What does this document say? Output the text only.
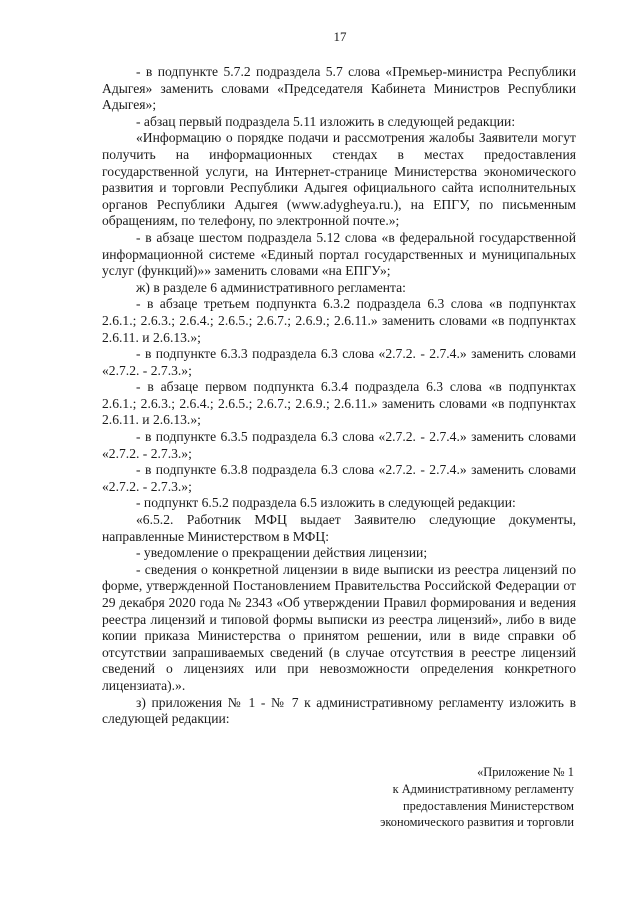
17

- в подпункте 5.7.2 подраздела 5.7 слова «Премьер-министра Республики Адыгея» заменить словами «Председателя Кабинета Министров Республики Адыгея»;

- абзац первый подраздела 5.11 изложить в следующей редакции:

«Информацию о порядке подачи и рассмотрения жалобы Заявители могут получить на информационных стендах в местах предоставления государственной услуги, на Интернет-странице Министерства экономического развития и торговли Республики Адыгея официального сайта исполнительных органов Республики Адыгея (www.adygheya.ru.), на ЕПГУ, по письменным обращениям, по телефону, по электронной почте.»;

- в абзаце шестом подраздела 5.12 слова «в федеральной государственной информационной системе «Единый портал государственных и муниципальных услуг (функций)»» заменить словами «на ЕПГУ»;

ж) в разделе 6 административного регламента:

- в абзаце третьем подпункта 6.3.2 подраздела 6.3 слова «в подпунктах 2.6.1.; 2.6.3.; 2.6.4.; 2.6.5.; 2.6.7.; 2.6.9.; 2.6.11.» заменить словами «в подпунктах 2.6.11. и 2.6.13.»;

- в подпункте 6.3.3 подраздела 6.3 слова «2.7.2. - 2.7.4.» заменить словами «2.7.2. - 2.7.3.»;

- в абзаце первом подпункта 6.3.4 подраздела 6.3 слова «в подпунктах 2.6.1.; 2.6.3.; 2.6.4.; 2.6.5.; 2.6.7.; 2.6.9.; 2.6.11.» заменить словами «в подпунктах 2.6.11. и 2.6.13.»;

- в подпункте 6.3.5 подраздела 6.3 слова «2.7.2. - 2.7.4.» заменить словами «2.7.2. - 2.7.3.»;

- в подпункте 6.3.8 подраздела 6.3 слова «2.7.2. - 2.7.4.» заменить словами «2.7.2. - 2.7.3.»;

- подпункт 6.5.2 подраздела 6.5 изложить в следующей редакции:

«6.5.2. Работник МФЦ выдает Заявителю следующие документы, направленные Министерством в МФЦ:

- уведомление о прекращении действия лицензии;

- сведения о конкретной лицензии в виде выписки из реестра лицензий по форме, утвержденной Постановлением Правительства Российской Федерации от 29 декабря 2020 года № 2343 «Об утверждении Правил формирования и ведения реестра лицензий и типовой формы выписки из реестра лицензий», либо в виде копии приказа Министерства о принятом решении, или в виде справки об отсутствии запрашиваемых сведений (в случае отсутствия в реестре лицензий сведений о лицензиях или при невозможности определения конкретного лицензиата).».

з) приложения № 1 - № 7 к административному регламенту изложить в следующей редакции:

«Приложение № 1
к Административному регламенту
предоставления Министерством
экономического развития и торговли
